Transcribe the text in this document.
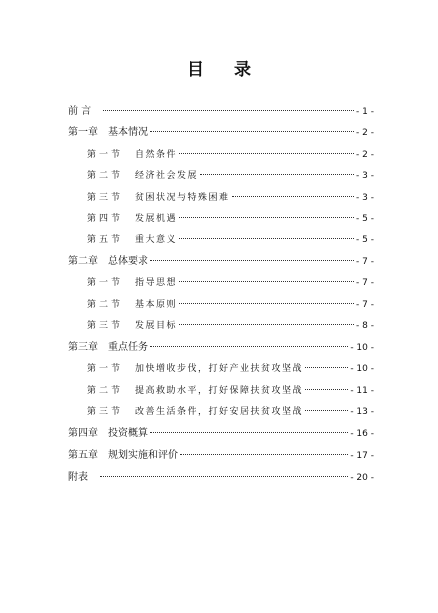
目 录
前 言	- 1 -
第一章 基本情况	- 2 -
第一节 自然条件	- 2 -
第二节 经济社会发展	- 3 -
第三节 贫困状况与特殊困难	- 3 -
第四节 发展机遇	- 5 -
第五节 重大意义	- 5 -
第二章 总体要求	- 7 -
第一节 指导思想	- 7 -
第二节 基本原则	- 7 -
第三节 发展目标	- 8 -
第三章 重点任务	- 10 -
第一节 加快增收步伐，打好产业扶贫攻坚战	- 10 -
第二节 提高救助水平，打好保障扶贫攻坚战	- 11 -
第三节 改善生活条件，打好安居扶贫攻坚战	- 13 -
第四章 投资概算	- 16 -
第五章 规划实施和评价	- 17 -
附表	- 20 -
